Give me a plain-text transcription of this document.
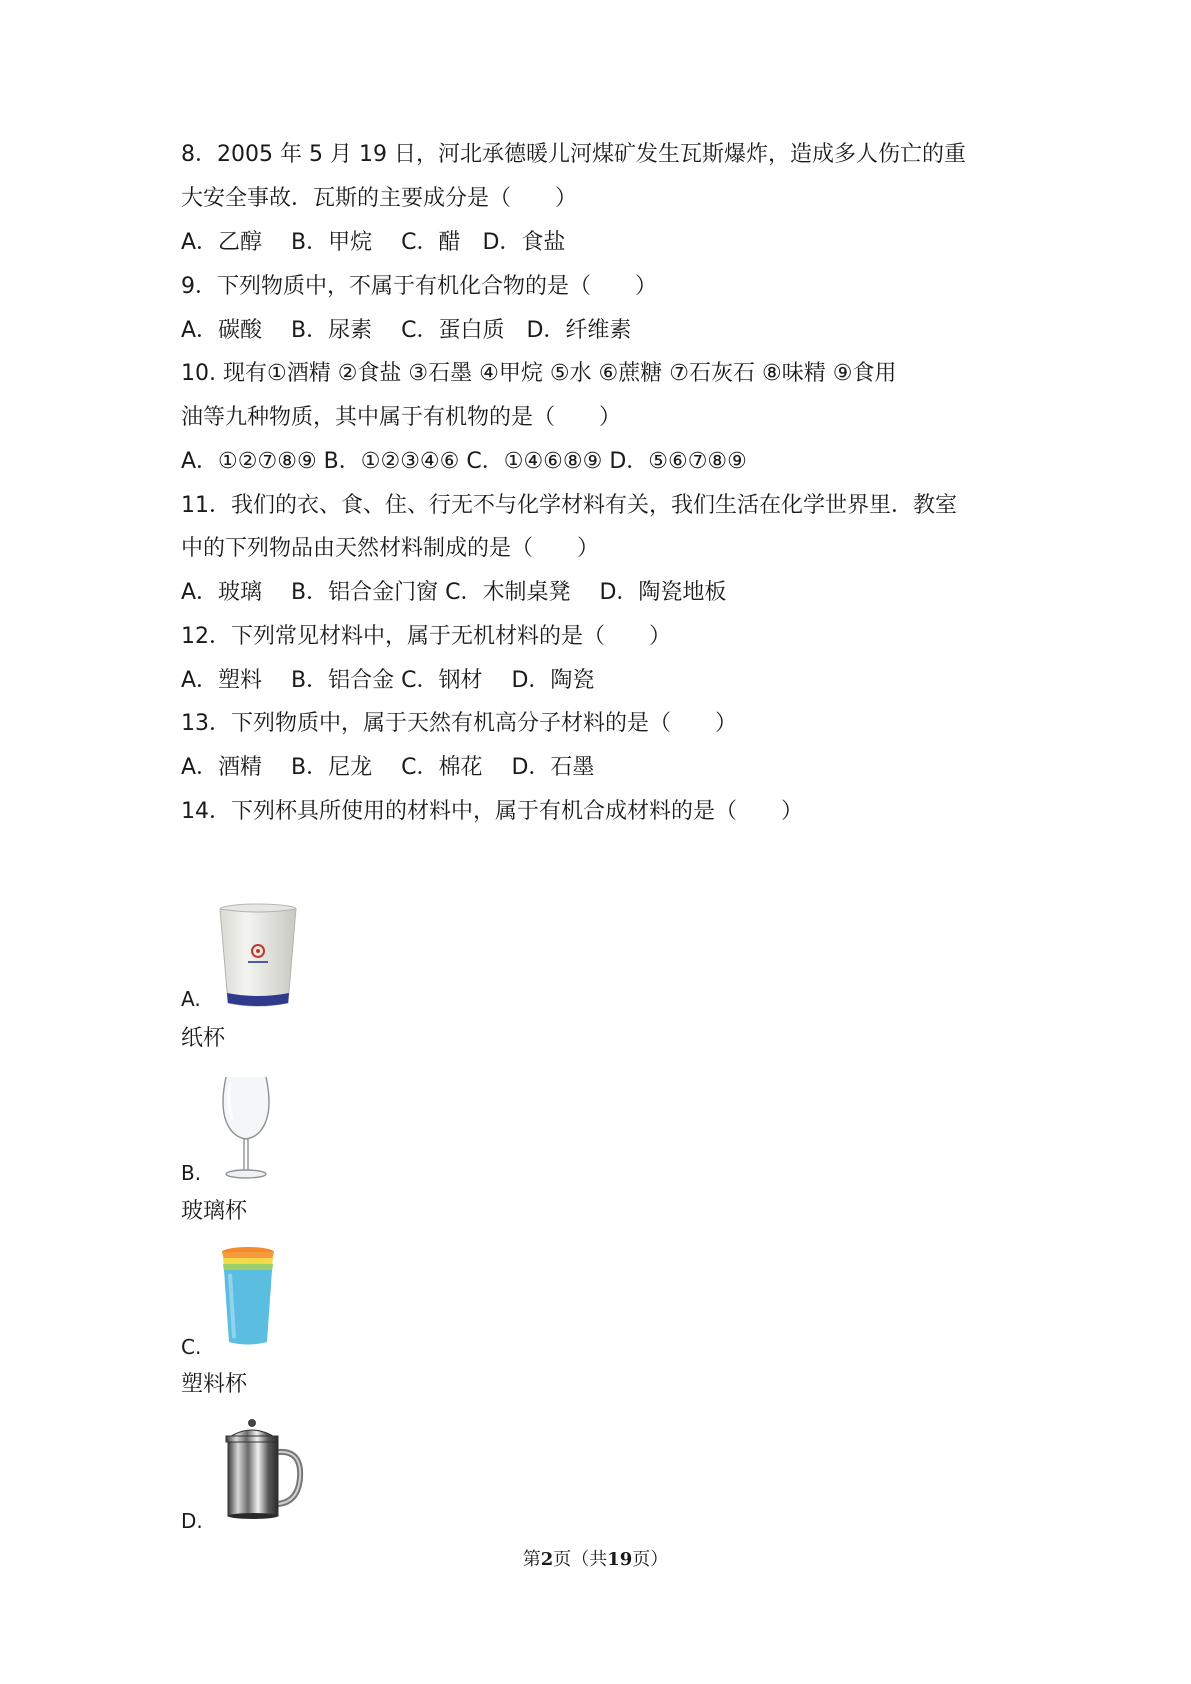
8．2005 年 5 月 19 日，河北承德暖儿河煤矿发生瓦斯爆炸，造成多人伤亡的重
大安全事故．瓦斯的主要成分是（　　）
A．乙醇　 B．甲烷　 C．醋　D．食盐
9．下列物质中，不属于有机化合物的是（　　）
A．碳酸　 B．尿素　 C．蛋白质　D．纤维素
10. 现有①酒精 ②食盐 ③石墨 ④甲烷 ⑤水 ⑥蔗糖 ⑦石灰石 ⑧味精 ⑨食用
油等九种物质，其中属于有机物的是（　　）
A．①②⑦⑧⑨ B．①②③④⑥ C．①④⑥⑧⑨ D．⑤⑥⑦⑧⑨
11．我们的衣、食、住、行无不与化学材料有关，我们生活在化学世界里．教室
中的下列物品由天然材料制成的是（　　）
A．玻璃　 B．铝合金门窗 C．木制桌凳　 D．陶瓷地板
12．下列常见材料中，属于无机材料的是（　　）
A．塑料　 B．铝合金 C．钢材　 D．陶瓷
13．下列物质中，属于天然有机高分子材料的是（　　）
A．酒精　 B．尼龙　 C．棉花　 D．石墨
14．下列杯具所使用的材料中，属于有机合成材料的是（　　）
A.
纸杯
B.
玻璃杯
C.
塑料杯
D.
第2页（共19页）
